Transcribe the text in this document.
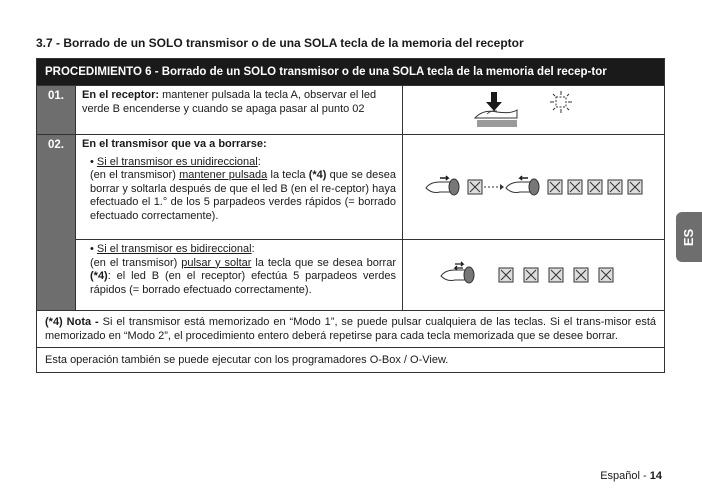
3.7 - Borrado de un SOLO transmisor o de una SOLA tecla de la memoria del receptor
PROCEDIMIENTO 6 - Borrado de un SOLO transmisor o de una SOLA tecla de la memoria del recep-tor
01.	En el receptor: mantener pulsada la tecla A, observar el led verde B encenderse y cuando se apaga pasar al punto 02
02.	En el transmisor que va a borrarse:
• Si el transmisor es unidireccional:
(en el transmisor) mantener pulsada la tecla (*4) que se desea borrar y soltarla después de que el led B (en el re-ceptor) haya efectuado el 1.° de los 5 parpadeos verdes rápidos (= borrado efectuado correctamente).
• Si el transmisor es bidireccional:
(en el transmisor) pulsar y soltar la tecla que se desea borrar (*4): el led B (en el receptor) efectúa 5 parpadeos verdes rápidos (= borrado efectuado correctamente).
(*4) Nota - Si el transmisor está memorizado en “Modo 1”, se puede pulsar cualquiera de las teclas. Si el trans-misor está memorizado en “Modo 2”, el procedimiento entero deberá repetirse para cada tecla memorizada que se desee borrar.
Esta operación también se puede ejecutar con los programadores O-Box / O-View.
ES
Español - 14
